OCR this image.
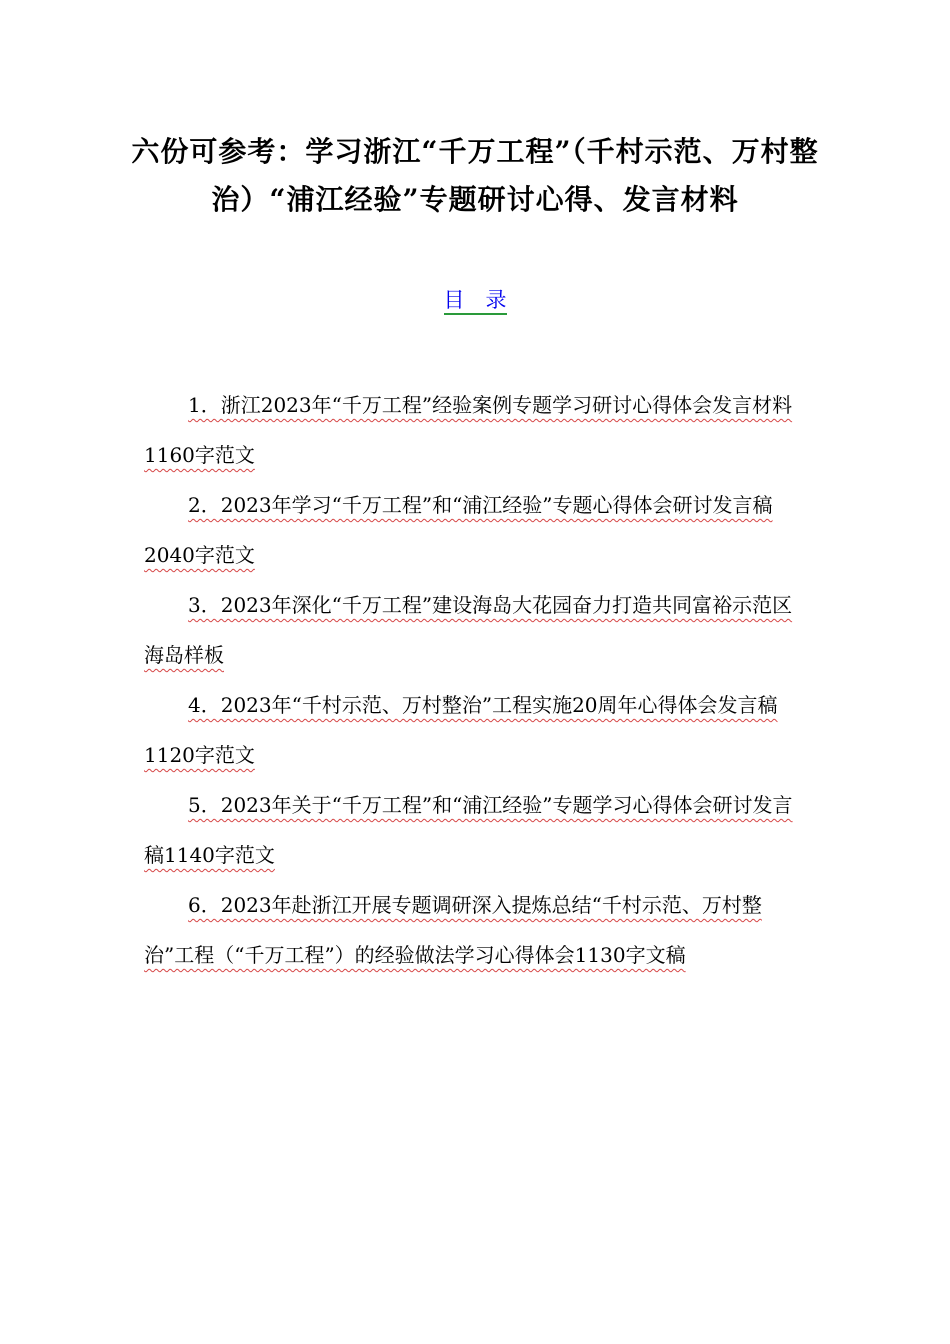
六份可参考：学习浙江“千万工程”（千村示范、万村整治）“浦江经验”专题研讨心得、发言材料
目　录
1．浙江2023年“千万工程”经验案例专题学习研讨心得体会发言材料1160字范文
2．2023年学习“千万工程”和“浦江经验”专题心得体会研讨发言稿2040字范文
3．2023年深化“千万工程”建设海岛大花园奋力打造共同富裕示范区海岛样板
4．2023年“千村示范、万村整治”工程实施20周年心得体会发言稿1120字范文
5．2023年关于“千万工程”和“浦江经验”专题学习心得体会研讨发言稿1140字范文
6．2023年赴浙江开展专题调研深入提炼总结“千村示范、万村整治”工程（“千万工程”）的经验做法学习心得体会1130字文稿
